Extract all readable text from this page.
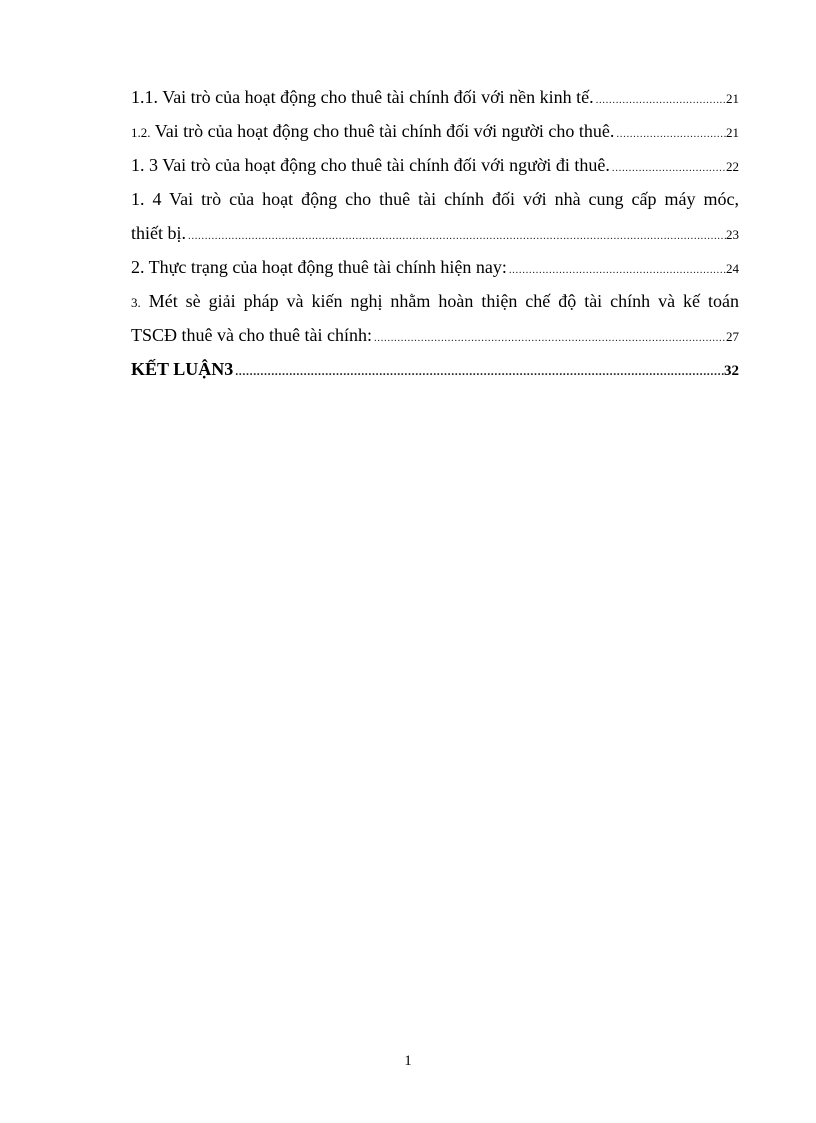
1.1. Vai trò của hoạt động cho thuê tài chính đối với nền kinh tế. .....	21
1.2. Vai trò của hoạt động cho thuê tài chính đối với người cho thuê. .....	21
1. 3 Vai trò của hoạt động cho thuê tài chính đối với người đi thuê. .....	22
1. 4 Vai trò của hoạt động cho thuê tài chính đối với nhà cung cấp máy móc,
thiết bị. .....	23
2. Thực trạng của hoạt động thuê tài chính hiện nay: .....	24
3. Mét sè giải pháp và kiến nghị nhằm hoàn thiện chế độ tài chính và kế toán
TSCĐ thuê và cho thuê tài chính: .....	27
KẾT LUẬN3 .....	32
1
